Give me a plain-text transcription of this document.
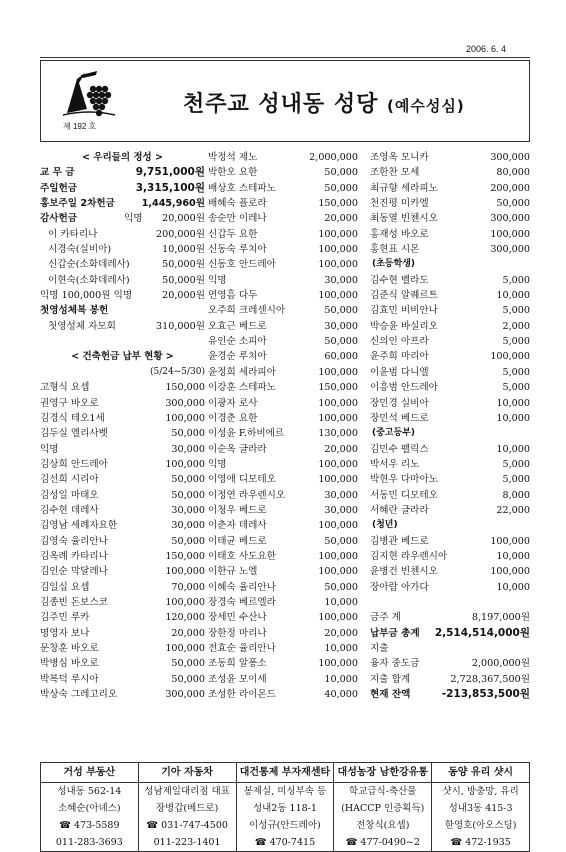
2006. 6. 4
제 192 호
천주교 성내동 성당 (예수성심)
< 우리들의 정성 >
교 무 금	9,751,000원
주일헌금	3,315,100원
홍보주일 2차헌금	1,445,960원
감사헌금	익명 20,000원
이 카타리나	200,000원
시경숙(실비아)	10,000원
신갑순(소화데레사)	50,000원
이현숙(소화데레사)	50,000원
익명 100,000원 익명	20,000원
첫영성체복 봉헌
첫영성체 자모회	310,000원
< 건축헌금 납부 현황 >
(5/24~5/30)
고형식 요셉	150,000
권영구 바오로	300,000
김경식 테오1세	100,000
김두실 엘리사벳	50,000
익명	30,000
김상희 안드레아	100,000
김선희 시리아	50,000
김성일 마태오	50,000
김수현 데레사	30,000
김영남 세례자요한	30,000
김영숙 율리안나	50,000
김옥례 카타리나	150,000
김인순 막달레나	100,000
김일십 요셉	70,000
김종빈 돈보스코	100,000
김주민 루카	120,000
명영자 보나	20,000
문창훈 바오로	100,000
박병심 바오로	50,000
박복덕 루시아	50,000
박상숙 그레고리오	300,000
박정석 제노	2,000,000
박한오 요한	50,000
배상호 스테파노	50,000
배혜숙 플로라	150,000
송순만 이레나	20,000
신갑두 요한	100,000
신동숙 루치아	100,000
신동호 안드레아	100,000
익명	30,000
연영흠 다두	100,000
오주희 크레센시아	50,000
오효근 베드로	30,000
유인순 소피아	50,000
윤경순 루치아	60,000
윤정희 세라피아	100,000
이강훈 스테파노	150,000
이광자 로사	100,000
이경춘 요한	100,000
이성윤 F.하비에르	130,000
이순옥 글라라	20,000
익명	100,000
이영애 디모테오	100,000
이정연 라우렌시오	30,000
이청우 베드로	30,000
이춘자 데레사	100,000
이태균 베드로	50,000
이태호 사도요한	100,000
이한규 노엘	100,000
이혜숙 율리안나	50,000
장경숙 베르엘라	10,000
장세민 수산나	100,000
장한정 마리나	20,000
전효순 율리안나	10,000
조동희 알퐁소	100,000
조성윤 모이세	10,000
조성한 라이몬드	40,000
조영옥 모니카	300,000
조한찬 모세	80,000
최규향 세라피노	200,000
천진평 미카엘	50,000
최동열 빈첸시오	300,000
홍재성 바오로	100,000
홍현표 시몬	300,000
(초등학생)
김수현 벨라도	5,000
김준식 알퀘르트	10,000
김효민 비비안나	5,000
박승윤 바실리오	2,000
신의인 아프라	5,000
윤주희 마리아	100,000
이윤범 다니엘	5,000
이흥범 안드레아	5,000
장민경 실비아	10,000
장민석 베드로	10,000
(중고등부)
김민수 펠릭스	10,000
박서우 리노	5,000
박현우 다마아노	5,000
서동민 디모테오	8,000
서혜란 글라라	22,000
(청년)
김병관 베드로	100,000
김지현 라우렌시아	10,000
윤병건 빈첸시오	100,000
장아람 아가다	10,000
금주 계	8,197,000원
납부금 총계 2,514,514,000원
지출
융자 중도금	2,000,000원
지출 합계	2,728,367,500원
현재 잔액	-213,853,500원
거성 부동산
성내동 562-14
소혜순(아녜스)
☎ 473-5589
011-283-3693

기아 자동차
성남제일대리점 대표
장병갑(베드로)
☎ 031-747-4500
011-223-1401

대건통제 부자재센타
봉제실, 미싱부속 등
성내2동 118-1
이성규(안드레아)
☎ 470-7415

대성농장 남한강유통
학교급식-축산물
(HACCP 인증획득)
전창식(요셉)
☎ 477-0490~2

동양 유리 샷시
샷시, 방충망, 유리
성내3동 415-3
한영호(아오스딩)
☎ 472-1935
